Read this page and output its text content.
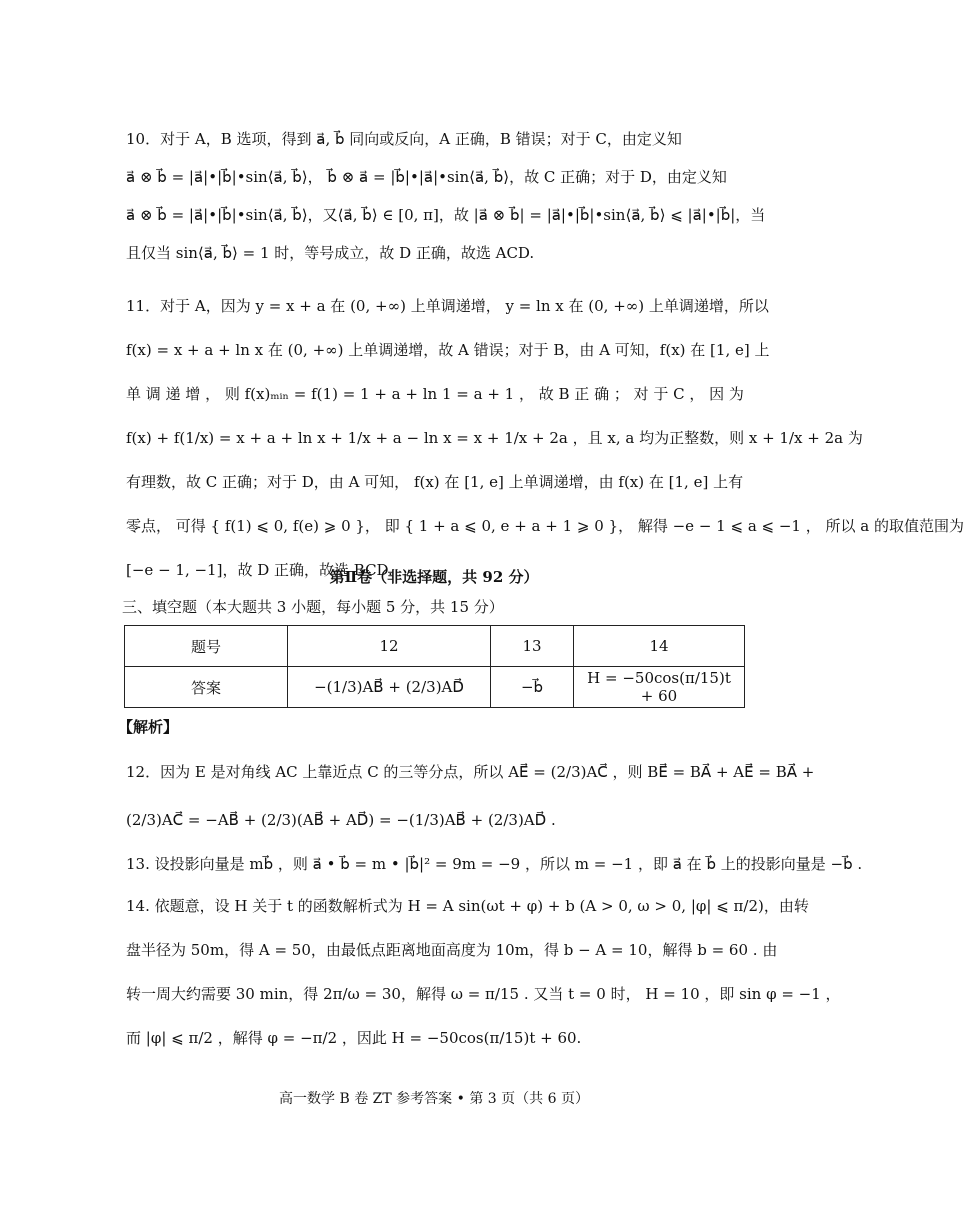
10．对于 A，B 选项，得到 a⃗, b⃗ 同向或反向，A 正确，B 错误；对于 C，由定义知
a⃗ ⊗ b⃗ = |a⃗|•|b⃗|•sin⟨a⃗, b⃗⟩， b⃗ ⊗ a⃗ = |b⃗|•|a⃗|•sin⟨a⃗, b⃗⟩，故 C 正确；对于 D，由定义知
a⃗ ⊗ b⃗ = |a⃗|•|b⃗|•sin⟨a⃗, b⃗⟩，又⟨a⃗, b⃗⟩ ∈ [0, π]，故 |a⃗ ⊗ b⃗| = |a⃗|•|b⃗|•sin⟨a⃗, b⃗⟩ ⩽ |a⃗|•|b⃗|，当
且仅当 sin⟨a⃗, b⃗⟩ = 1 时，等号成立，故 D 正确，故选 ACD.
11．对于 A，因为 y = x + a 在 (0, +∞) 上单调递增， y = ln x 在 (0, +∞) 上单调递增，所以
f(x) = x + a + ln x 在 (0, +∞) 上单调递增，故 A 错误；对于 B，由 A 可知，f(x) 在 [1, e] 上
单 调 递 增 ， 则 f(x)ₘᵢₙ = f(1) = 1 + a + ln 1 = a + 1 ， 故 B 正 确 ； 对 于 C ， 因 为
f(x) + f(1/x) = x + a + ln x + 1/x + a − ln x = x + 1/x + 2a ，且 x, a 均为正整数，则 x + 1/x + 2a 为
有理数，故 C 正确；对于 D，由 A 可知， f(x) 在 [1, e] 上单调递增，由 f(x) 在 [1, e] 上有
零点， 可得 { f(1) ⩽ 0, f(e) ⩾ 0 }， 即 { 1 + a ⩽ 0, e + a + 1 ⩾ 0 }， 解得 −e − 1 ⩽ a ⩽ −1 ， 所以 a 的取值范围为
[−e − 1, −1]，故 D 正确，故选 BCD.
第Ⅱ卷（非选择题，共 92 分）
三、填空题（本大题共 3 小题，每小题 5 分，共 15 分）
题号	12	13	14
答案	−(1/3)AB⃗ + (2/3)AD⃗	−b⃗	H = −50cos(π/15)t + 60
【解析】
12．因为 E 是对角线 AC 上靠近点 C 的三等分点，所以 AE⃗ = (2/3)AC⃗ ，则 BE⃗ = BA⃗ + AE⃗ = BA⃗ +
(2/3)AC⃗ = −AB⃗ + (2/3)(AB⃗ + AD⃗) = −(1/3)AB⃗ + (2/3)AD⃗ .
13. 设投影向量是 mb⃗ ，则 a⃗ • b⃗ = m • |b⃗|² = 9m = −9 ，所以 m = −1 ，即 a⃗ 在 b⃗ 上的投影向量是 −b⃗ .
14. 依题意，设 H 关于 t 的函数解析式为 H = A sin(ωt + φ) + b (A > 0, ω > 0, |φ| ⩽ π/2)，由转
盘半径为 50m，得 A = 50，由最低点距离地面高度为 10m，得 b − A = 10，解得 b = 60 . 由
转一周大约需要 30 min，得 2π/ω = 30，解得 ω = π/15 . 又当 t = 0 时， H = 10 ，即 sin φ = −1 ，
而 |φ| ⩽ π/2 ，解得 φ = −π/2 ，因此 H = −50cos(π/15)t + 60.
高一数学 B 卷 ZT 参考答案 • 第 3 页（共 6 页）
